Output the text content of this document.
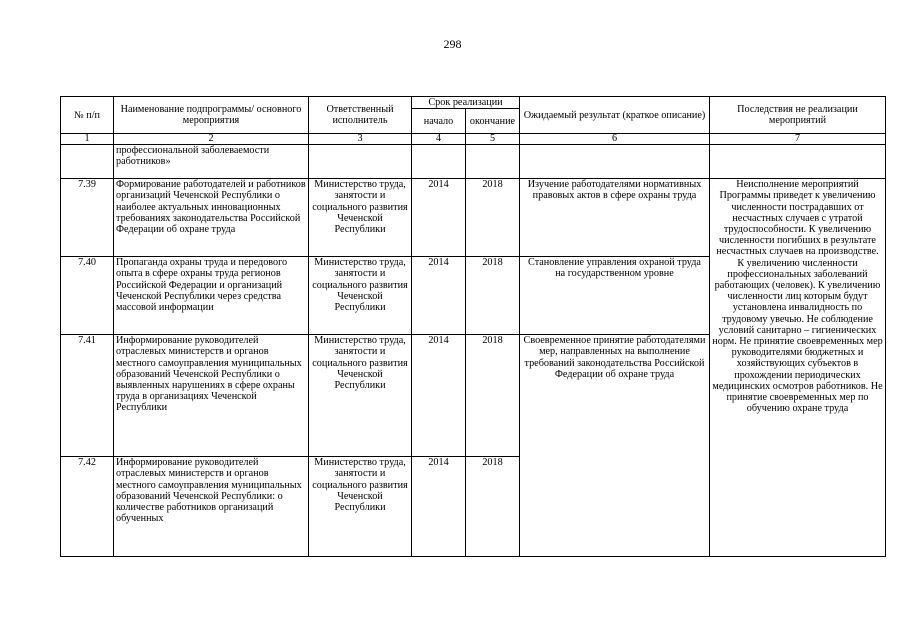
298
№ п/п	Наименование подпрограммы/ основного мероприятия	Ответственный исполнитель	Срок реализации		Ожидаемый результат (краткое описание)	Последствия не реализации мероприятий
			начало	окончание		
1	2	3	4	5	6	7
	профессиональной заболеваемости работников»					
7.39	Формирование работодателей и работников организаций Чеченской Республики о наиболее актуальных инновационных требованиях законодательства Российской Федерации об охране труда	Министерство труда, занятости и социального развития Чеченской Республики	2014	2018	Изучение работодателями нормативных правовых актов в сфере охраны труда	Неисполнение мероприятий Программы приведет к увеличению численности пострадавших от несчастных случаев с утратой трудоспособности. К увеличению численности погибших в результате несчастных случаев на производстве. К увеличению численности профессиональных заболеваний работающих (человек). К увеличению численности лиц которым будут установлена инвалидность по трудовому увечью. Не соблюдение условий санитарно – гигиенических норм. Не принятие своевременных мер руководителями бюджетных и хозяйствующих субъектов в прохождении периодических медицинских осмотров работников. Не принятие своевременных мер по обучению охране труда
7.40	Пропаганда охраны труда и передового опыта в сфере охраны труда регионов Российской Федерации и организаций Чеченской Республики через средства массовой информации	Министерство труда, занятости и социального развития Чеченской Республики	2014	2018	Становление управления охраной труда на государственном уровне	
7.41	Информирование руководителей отраслевых министерств и органов местного самоуправления муниципальных образований Чеченской Республики о выявленных нарушениях в сфере охраны труда в организациях Чеченской Республики	Министерство труда, занятости и социального развития Чеченской Республики	2014	2018	Своевременное принятие работодателями мер, направленных на выполнение требований законодательства Российской Федерации об охране труда	
7.42	Информирование руководителей отраслевых министерств и органов местного самоуправления муниципальных образований Чеченской Республики: о количестве работников организаций обученных	Министерство труда, занятости и социального развития Чеченской Республики	2014	2018		
